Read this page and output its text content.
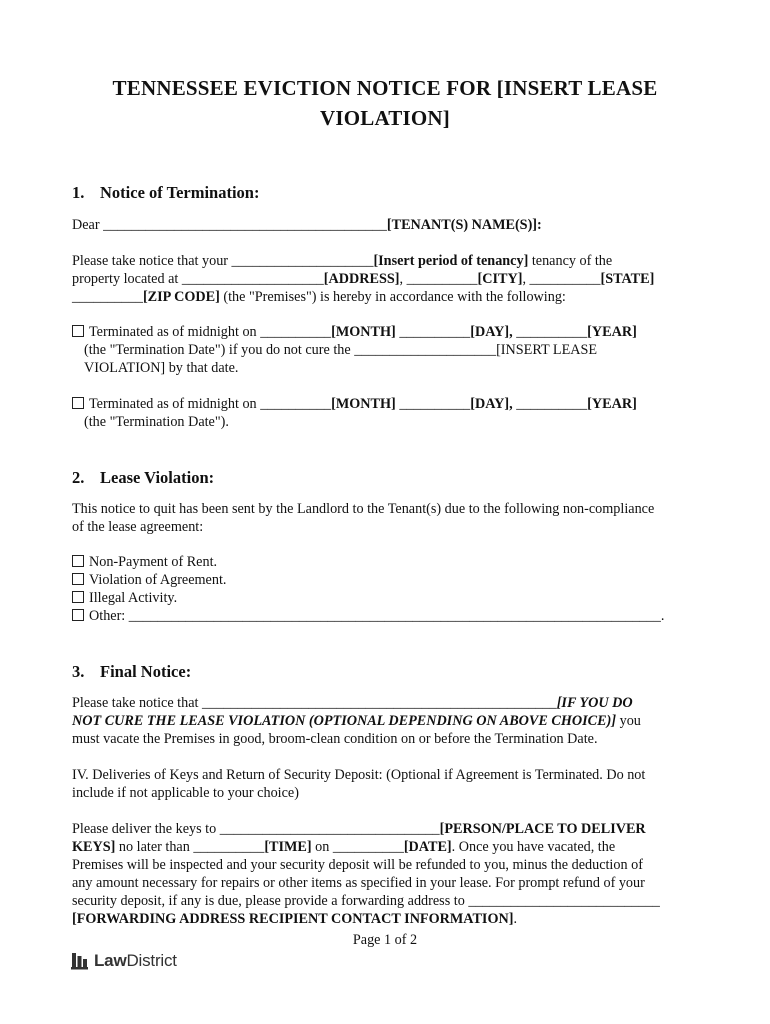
TENNESSEE EVICTION NOTICE FOR [INSERT LEASE
VIOLATION]
1. Notice of Termination:
Dear ________________________________________[TENANT(S) NAME(S)]:
Please take notice that your ____________________[Insert period of tenancy] tenancy of the
property located at ____________________[ADDRESS], __________[CITY], __________[STATE]
__________[ZIP CODE] (the "Premises") is hereby in accordance with the following:
Terminated as of midnight on __________[MONTH] __________[DAY], __________[YEAR]
(the "Termination Date") if you do not cure the ____________________[INSERT LEASE
VIOLATION] by that date.
Terminated as of midnight on __________[MONTH] __________[DAY], __________[YEAR]
(the "Termination Date").
2. Lease Violation:
This notice to quit has been sent by the Landlord to the Tenant(s) due to the following non-compliance
of the lease agreement:
Non-Payment of Rent.
Violation of Agreement.
Illegal Activity.
Other: ___________________________________________________________________________.
3. Final Notice:
Please take notice that __________________________________________________[IF YOU DO
NOT CURE THE LEASE VIOLATION (OPTIONAL DEPENDING ON ABOVE CHOICE)] you
must vacate the Premises in good, broom-clean condition on or before the Termination Date.
IV. Deliveries of Keys and Return of Security Deposit: (Optional if Agreement is Terminated. Do not
include if not applicable to your choice)
Please deliver the keys to _______________________________[PERSON/PLACE TO DELIVER
KEYS] no later than __________[TIME] on __________[DATE]. Once you have vacated, the
Premises will be inspected and your security deposit will be refunded to you, minus the deduction of
any amount necessary for repairs or other items as specified in your lease. For prompt refund of your
security deposit, if any is due, please provide a forwarding address to ___________________________
[FORWARDING ADDRESS RECIPIENT CONTACT INFORMATION].
Page 1 of 2
LawDistrict
